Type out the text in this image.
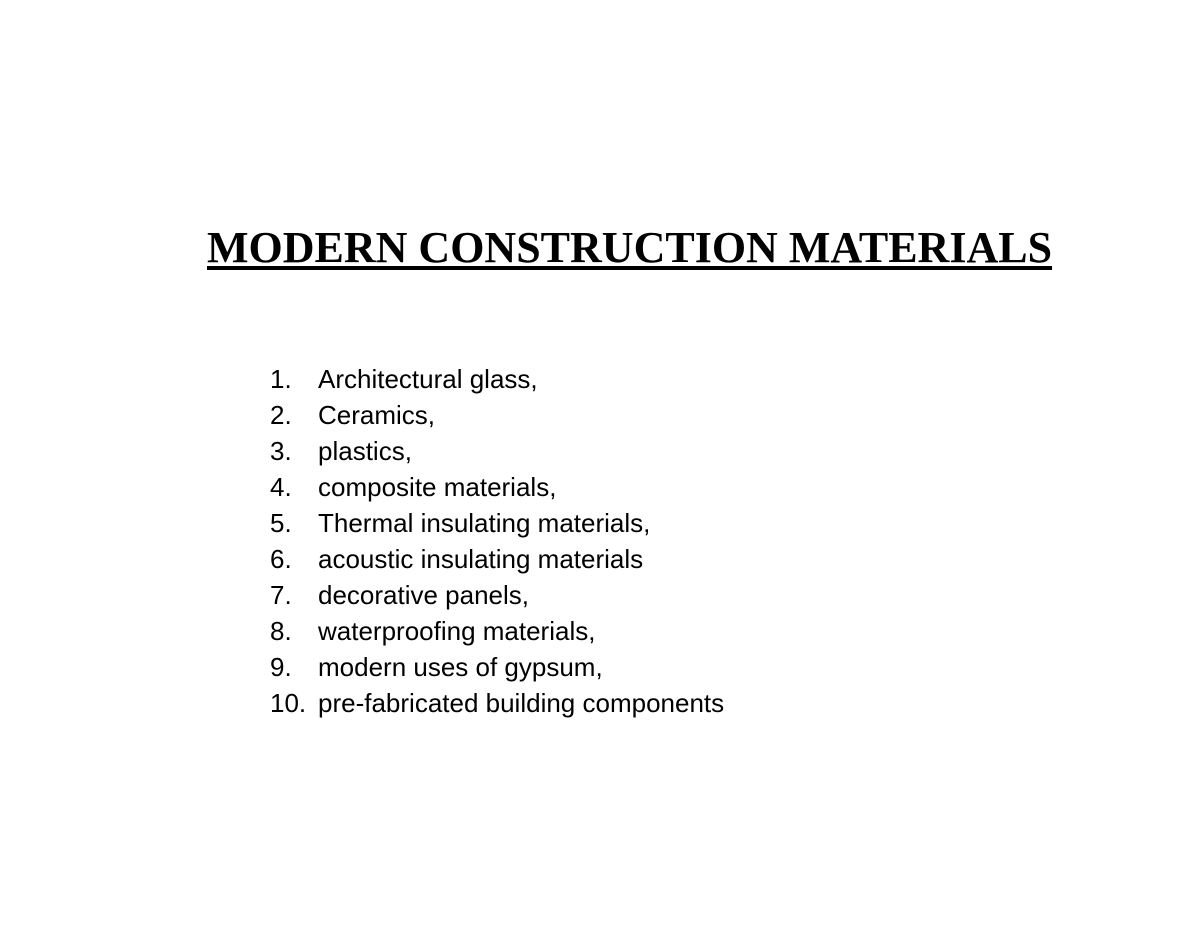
MODERN CONSTRUCTION MATERIALS
1.	Architectural glass,
2.	Ceramics,
3.	plastics,
4.	composite materials,
5.	Thermal insulating materials,
6.	acoustic insulating materials
7.	decorative panels,
8.	waterproofing materials,
9.	modern uses of gypsum,
10. pre-fabricated building components
